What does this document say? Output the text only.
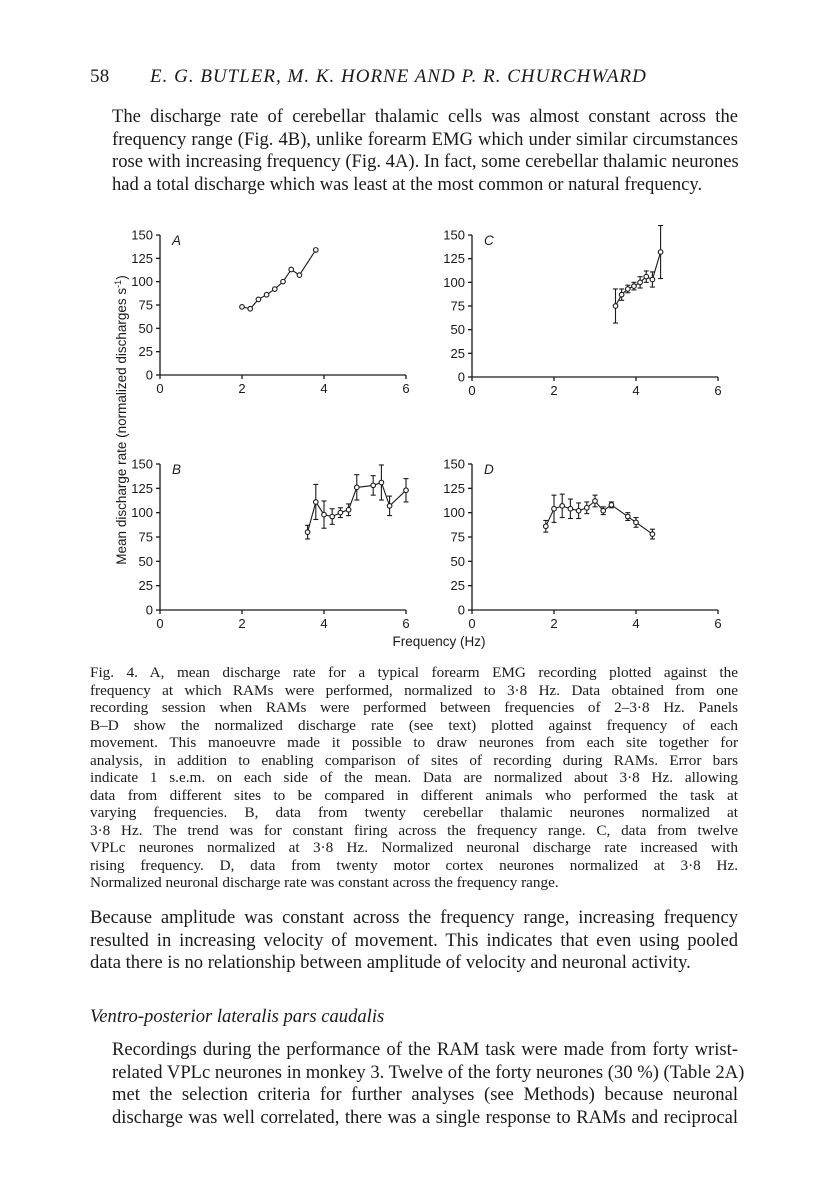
58 E. G. BUTLER, M. K. HORNE AND P. R. CHURCHWARD
The discharge rate of cerebellar thalamic cells was almost constant across the
frequency range (Fig. 4B), unlike forearm EMG which under similar circumstances
rose with increasing frequency (Fig. 4A). In fact, some cerebellar thalamic neurones
had a total discharge which was least at the most common or natural frequency.
0
25
50
75
100
125
150
0	2	4	6
A
0
25
50
75
100
125
150
0	2	4	6
B
0
25
50
75
100
125
150
0	2	4	6
C
0
25
50
75
100
125
150
0	2	4	6
D
Mean discharge rate (normalized discharges $s^{-1}$)
Frequency (Hz)
Fig. 4. A, mean discharge rate for a typical forearm EMG recording plotted against the
frequency at which RAMs were performed, normalized to 3·8 Hz. Data obtained from one
recording session when RAMs were performed between frequencies of 2–3·8 Hz. Panels
B–D show the normalized discharge rate (see text) plotted against frequency of each
movement. This manoeuvre made it possible to draw neurones from each site together for
analysis, in addition to enabling comparison of sites of recording during RAMs. Error bars
indicate 1 s.e.m. on each side of the mean. Data are normalized about 3·8 Hz. allowing
data from different sites to be compared in different animals who performed the task at
varying frequencies. B, data from twenty cerebellar thalamic neurones normalized at
3·8 Hz. The trend was for constant firing across the frequency range. C, data from twelve
VPLc neurones normalized at 3·8 Hz. Normalized neuronal discharge rate increased with
rising frequency. D, data from twenty motor cortex neurones normalized at 3·8 Hz.
Normalized neuronal discharge rate was constant across the frequency range.
Because amplitude was constant across the frequency range, increasing frequency
resulted in increasing velocity of movement. This indicates that even using pooled
data there is no relationship between amplitude of velocity and neuronal activity.
Ventro-posterior lateralis pars caudalis
Recordings during the performance of the RAM task were made from forty wrist-
related VPLc neurones in monkey 3. Twelve of the forty neurones (30 %) (Table 2A)
met the selection criteria for further analyses (see Methods) because neuronal
discharge was well correlated, there was a single response to RAMs and reciprocal
